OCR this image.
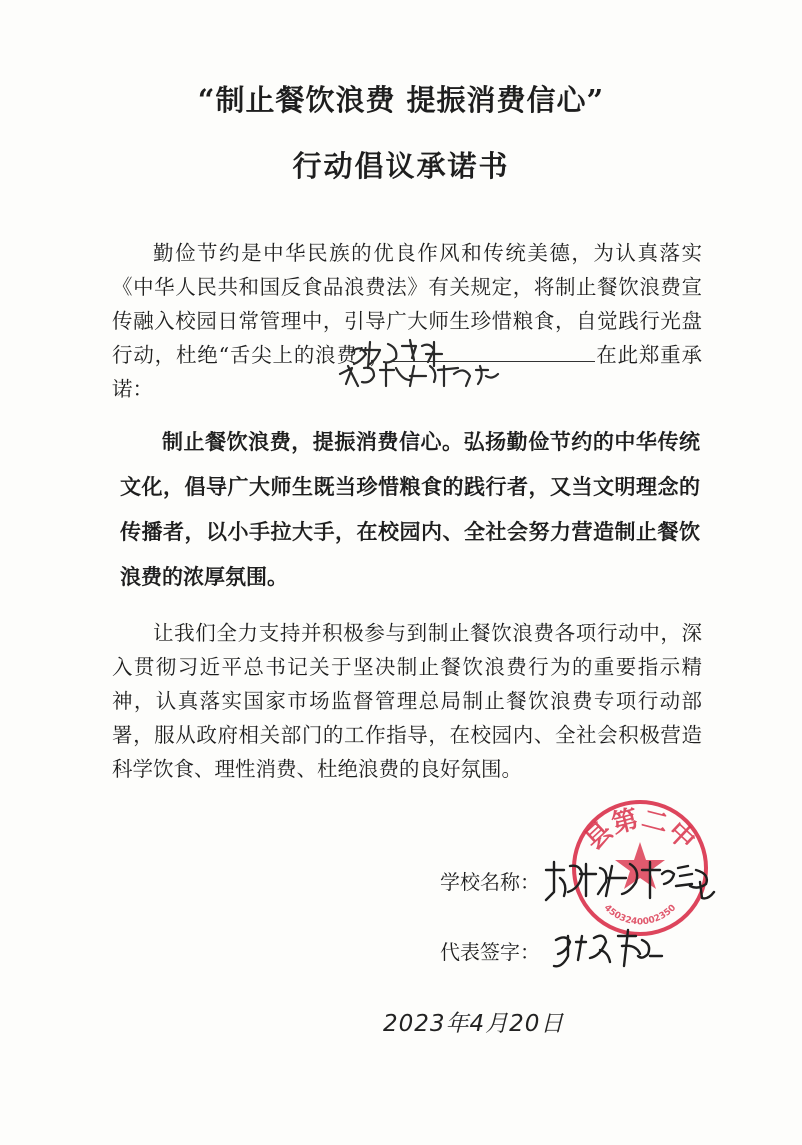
“制止餐饮浪费 提振消费信心”
行动倡议承诺书

勤俭节约是中华民族的优良作风和传统美德，为认真落实《中华人民共和国反食品浪费法》有关规定，将制止餐饮浪费宣传融入校园日常管理中，引导广大师生珍惜粮食，自觉践行光盘行动，杜绝“舌尖上的浪费”，	在此郑重承诺：

制止餐饮浪费，提振消费信心。弘扬勤俭节约的中华传统文化，倡导广大师生既当珍惜粮食的践行者，又当文明理念的传播者，以小手拉大手，在校园内、全社会努力营造制止餐饮浪费的浓厚氛围。

让我们全力支持并积极参与到制止餐饮浪费各项行动中，深入贯彻习近平总书记关于坚决制止餐饮浪费行为的重要指示精神，认真落实国家市场监督管理总局制止餐饮浪费专项行动部署，服从政府相关部门的工作指导，在校园内、全社会积极营造科学饮食、理性消费、杜绝浪费的良好氛围。

县第二中
4503240002350
学校名称：
代表签字：
2023年4月20日
